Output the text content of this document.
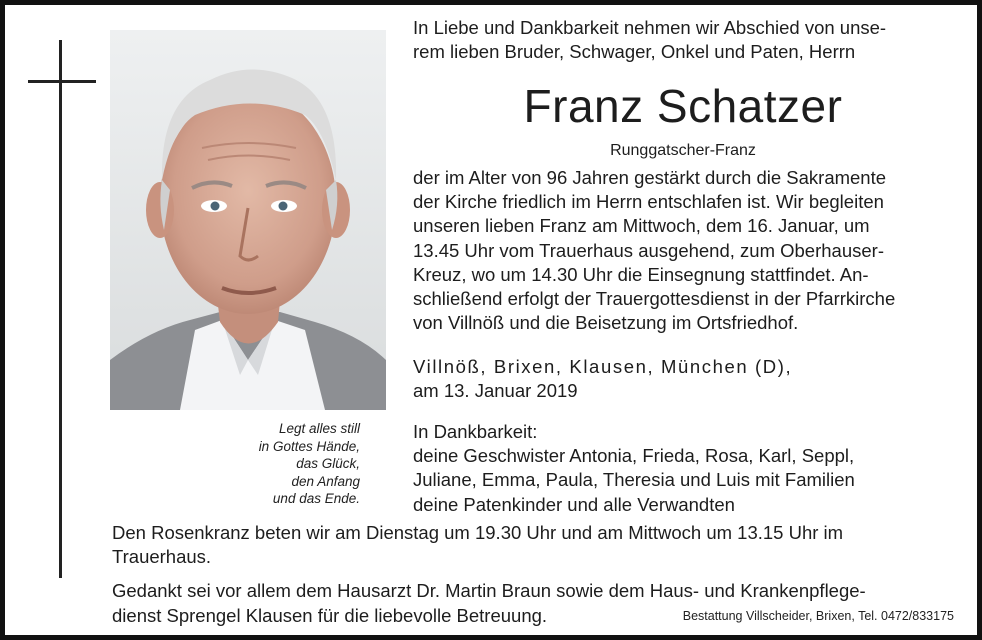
Legt alles still
in Gottes Hände,
das Glück,
den Anfang
und das Ende.
In Liebe und Dankbarkeit nehmen wir Abschied von unse-
rem lieben Bruder, Schwager, Onkel und Paten, Herrn
Franz Schatzer
Runggatscher-Franz
der im Alter von 96 Jahren gestärkt durch die Sakramente
der Kirche friedlich im Herrn entschlafen ist. Wir begleiten
unseren lieben Franz am Mittwoch, dem 16. Januar, um
13.45 Uhr vom Trauerhaus ausgehend, zum Oberhauser-
Kreuz, wo um 14.30 Uhr die Einsegnung stattfindet. An-
schließend erfolgt der Trauergottesdienst in der Pfarrkirche
von Villnöß und die Beisetzung im Ortsfriedhof.
Villnöß, Brixen, Klausen, München (D),
am 13. Januar 2019
In Dankbarkeit:
deine Geschwister Antonia, Frieda, Rosa, Karl, Seppl,
Juliane, Emma, Paula, Theresia und Luis mit Familien
deine Patenkinder und alle Verwandten
Den Rosenkranz beten wir am Dienstag um 19.30 Uhr und am Mittwoch um 13.15 Uhr im
Trauerhaus.
Gedankt sei vor allem dem Hausarzt Dr. Martin Braun sowie dem Haus- und Krankenpflege-
dienst Sprengel Klausen für die liebevolle Betreuung.	Bestattung Villscheider, Brixen, Tel. 0472/833175
